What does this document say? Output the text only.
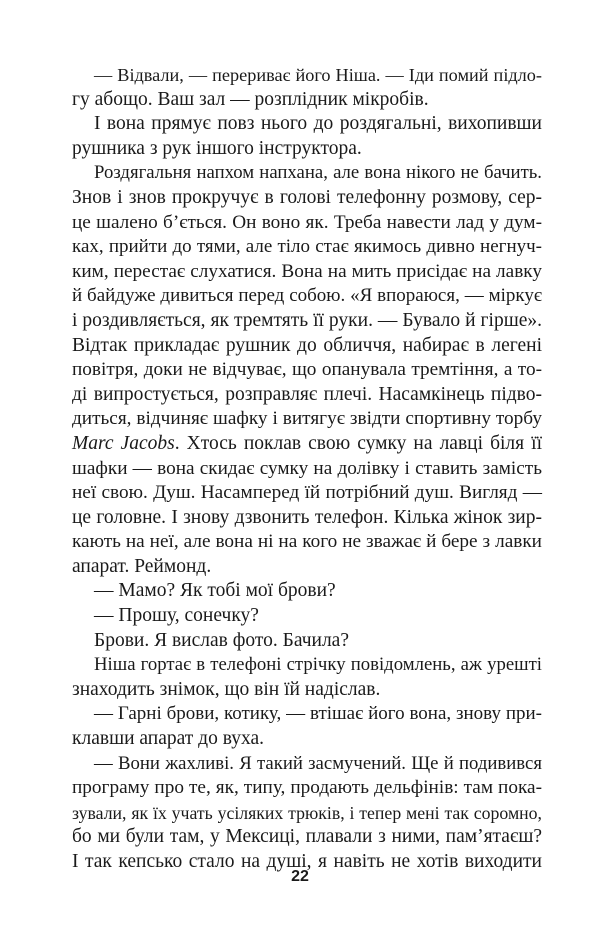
— Відвали, — перериває його Ніша. — Іди помий підло-
гу абощо. Ваш зал — розплідник мікробів.
І вона прямує повз нього до роздягальні, вихопивши
рушника з рук іншого інструктора.
Роздягальня напхом напхана, але вона нікого не бачить.
Знов і знов прокручує в голові телефонну розмову, сер-
це шалено б’ється. Он воно як. Треба навести лад у дум-
ках, прийти до тями, але тіло стає якимось дивно негнуч-
ким, перестає слухатися. Вона на мить присідає на лавку
й байдуже дивиться перед собою. «Я впораюся, — міркує
і роздивляється, як тремтять її руки. — Бувало й гірше».
Відтак прикладає рушник до обличчя, набирає в легені
повітря, доки не відчуває, що опанувала тремтіння, а то-
ді випростується, розправляє плечі. Насамкінець підво-
диться, відчиняє шафку і витягує звідти спортивну торбу
Marc Jacobs. Хтось поклав свою сумку на лавці біля її
шафки — вона скидає сумку на долівку і ставить замість
неї свою. Душ. Насамперед їй потрібний душ. Вигляд —
це головне. І знову дзвонить телефон. Кілька жінок зир-
кають на неї, але вона ні на кого не зважає й бере з лавки
апарат. Реймонд.
— Мамо? Як тобі мої брови?
— Прошу, сонечку?
Брови. Я вислав фото. Бачила?
Ніша гортає в телефоні стрічку повідомлень, аж урешті
знаходить знімок, що він їй надіслав.
— Гарні брови, котику, — втішає його вона, знову при-
клавши апарат до вуха.
— Вони жахливі. Я такий засмучений. Ще й подивився
програму про те, як, типу, продають дельфінів: там пока-
зували, як їх учать усіляких трюків, і тепер мені так соромно,
бо ми були там, у Мексиці, плавали з ними, пам’ятаєш?
І так кепсько стало на душі, я навіть не хотів виходити
22
